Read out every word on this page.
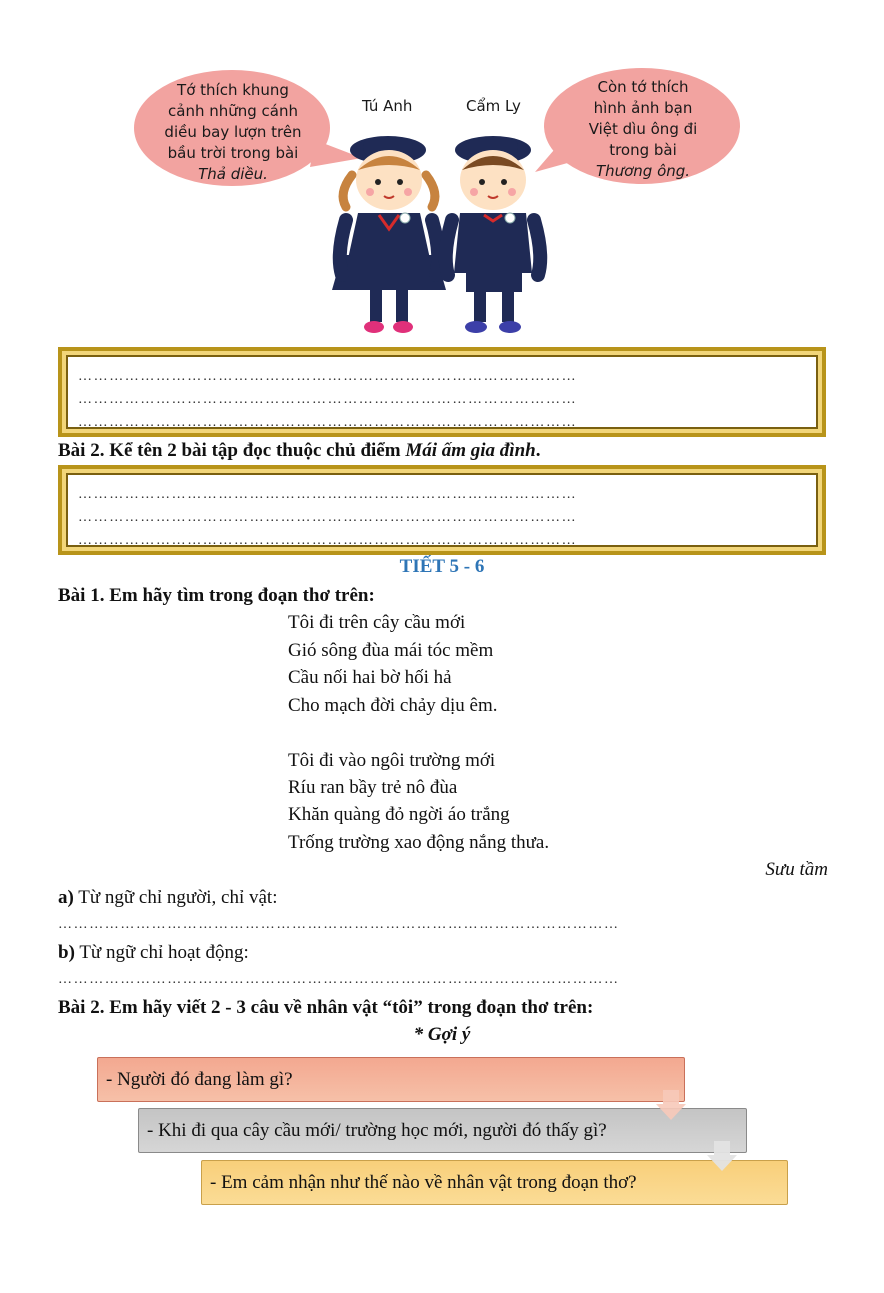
Tớ thích khung
cảnh những cánh
diều bay lượn trên
bầu trời trong bài
Thả diều.
Còn tớ thích
hình ảnh bạn
Việt dìu ông đi
trong bài
Thương ông.
Tú Anh	Cẩm Ly
……………………………………………………………………………………
……………………………………………………………………………………
……………………………………………………………………………………
Bài 2. Kể tên 2 bài tập đọc thuộc chủ điểm Mái ấm gia đình.
……………………………………………………………………………………
……………………………………………………………………………………
……………………………………………………………………………………
TIẾT 5 - 6
Bài 1. Em hãy tìm trong đoạn thơ trên:
Tôi đi trên cây cầu mới
Gió sông đùa mái tóc mềm
Cầu nối hai bờ hối hả
Cho mạch đời chảy dịu êm.
Tôi đi vào ngôi trường mới
Ríu ran bầy trẻ nô đùa
Khăn quàng đỏ ngời áo trắng
Trống trường xao động nắng thưa.
Sưu tầm
a) Từ ngữ chỉ người, chỉ vật:
………………………………………………………………………………………………
b) Từ ngữ chỉ hoạt động:
………………………………………………………………………………………………
Bài 2. Em hãy viết 2 - 3 câu về nhân vật “tôi” trong đoạn thơ trên:
* Gợi ý
- Người đó đang làm gì?
- Khi đi qua cây cầu mới/ trường học mới, người đó thấy gì?
- Em cảm nhận như thế nào về nhân vật trong đoạn thơ?
